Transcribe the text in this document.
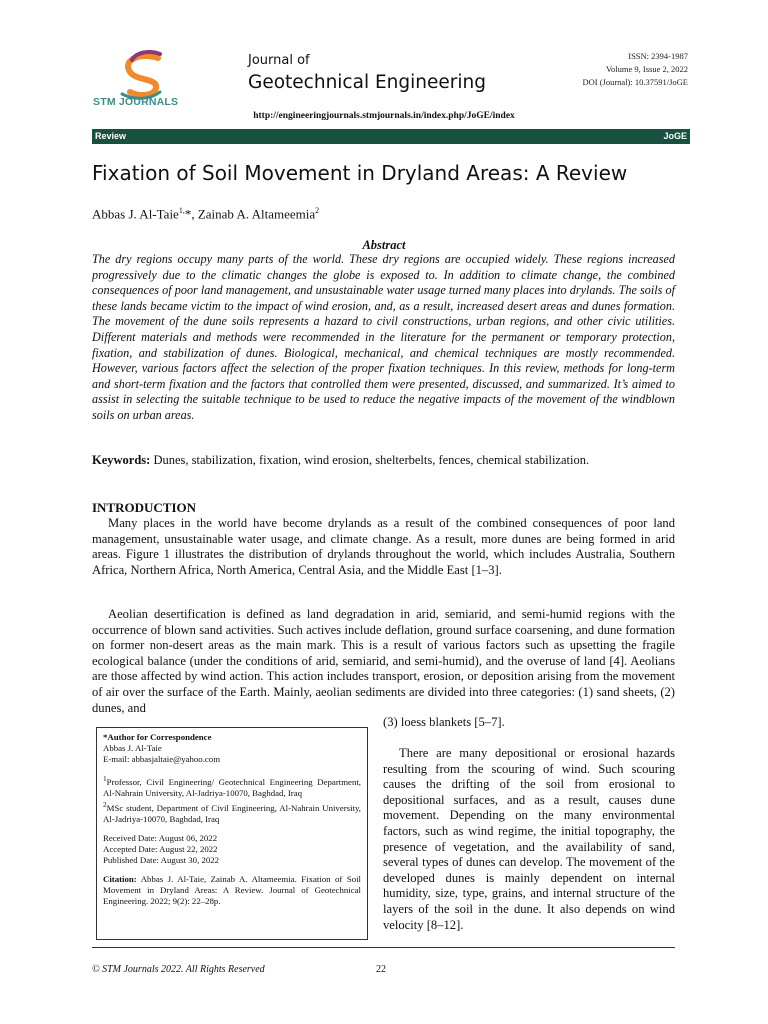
STM JOURNALS
Journal of
Geotechnical Engineering
ISSN: 2394-1987
Volume 9, Issue 2, 2022
DOI (Journal): 10.37591/JoGE
http://engineeringjournals.stmjournals.in/index.php/JoGE/index
Review	JoGE
Fixation of Soil Movement in Dryland Areas: A Review
Abbas J. Al-Taie$^{1,}$*, Zainab A. Altameemia$^2$
Abstract
The dry regions occupy many parts of the world. These dry regions are occupied widely. These regions increased progressively due to the climatic changes the globe is exposed to. In addition to climate change, the combined consequences of poor land management, and unsustainable water usage turned many places into drylands. The soils of these lands became victim to the impact of wind erosion, and, as a result, increased desert areas and dunes formation. The movement of the dune soils represents a hazard to civil constructions, urban regions, and other civic utilities. Different materials and methods were recommended in the literature for the permanent or temporary protection, fixation, and stabilization of dunes. Biological, mechanical, and chemical techniques are mostly recommended. However, various factors affect the selection of the proper fixation techniques. In this review, methods for long-term and short-term fixation and the factors that controlled them were presented, discussed, and summarized. It’s aimed to assist in selecting the suitable technique to be used to reduce the negative impacts of the movement of the windblown soils on urban areas.
Keywords: Dunes, stabilization, fixation, wind erosion, shelterbelts, fences, chemical stabilization.
INTRODUCTION
Many places in the world have become drylands as a result of the combined consequences of poor land management, unsustainable water usage, and climate change. As a result, more dunes are being formed in arid areas. Figure 1 illustrates the distribution of drylands throughout the world, which includes Australia, Southern Africa, Northern Africa, North America, Central Asia, and the Middle East [1–3].
Aeolian desertification is defined as land degradation in arid, semiarid, and semi-humid regions with the occurrence of blown sand activities. Such actives include deflation, ground surface coarsening, and dune formation on former non-desert areas as the main mark. This is a result of various factors such as upsetting the fragile ecological balance (under the conditions of arid, semiarid, and semi-humid), and the overuse of land [4]. Aeolians are those affected by wind action. This action includes transport, erosion, or deposition arising from the movement of air over the surface of the Earth. Mainly, aeolian sediments are divided into three categories: (1) sand sheets, (2) dunes, and
(3) loess blankets [5–7].
There are many depositional or erosional hazards resulting from the scouring of wind. Such scouring causes the drifting of the soil from erosional to depositional surfaces, and as a result, causes dune movement. Depending on the many environmental factors, such as wind regime, the initial topography, the presence of vegetation, and the availability of sand, several types of dunes can develop. The movement of the developed dunes is mainly dependent on internal humidity, size, type, grains, and internal structure of the layers of the soil in the dune. It also depends on wind velocity [8–12].

*Author for Correspondence

Abbas J. Al-Taie

E-mail: abbasjaltaie@yahoo.com

$^1$Professor, Civil Engineering/ Geotechnical Engineering Department, Al-Nahrain University, Al-Jadriya-10070, Baghdad, Iraq

$^2$MSc student, Department of Civil Engineering, Al-Nahrain University, Al-Jadriya-10070, Baghdad, Iraq

Received Date: August 06, 2022

Accepted Date: August 22, 2022

Published Date: August 30, 2022

Citation: Abbas J. Al-Taie, Zainab A. Altameemia. Fixation of Soil Movement in Dryland Areas: A Review. Journal of Geotechnical Engineering. 2022; 9(2): 22–28p.

© STM Journals 2022. All Rights Reserved	22
